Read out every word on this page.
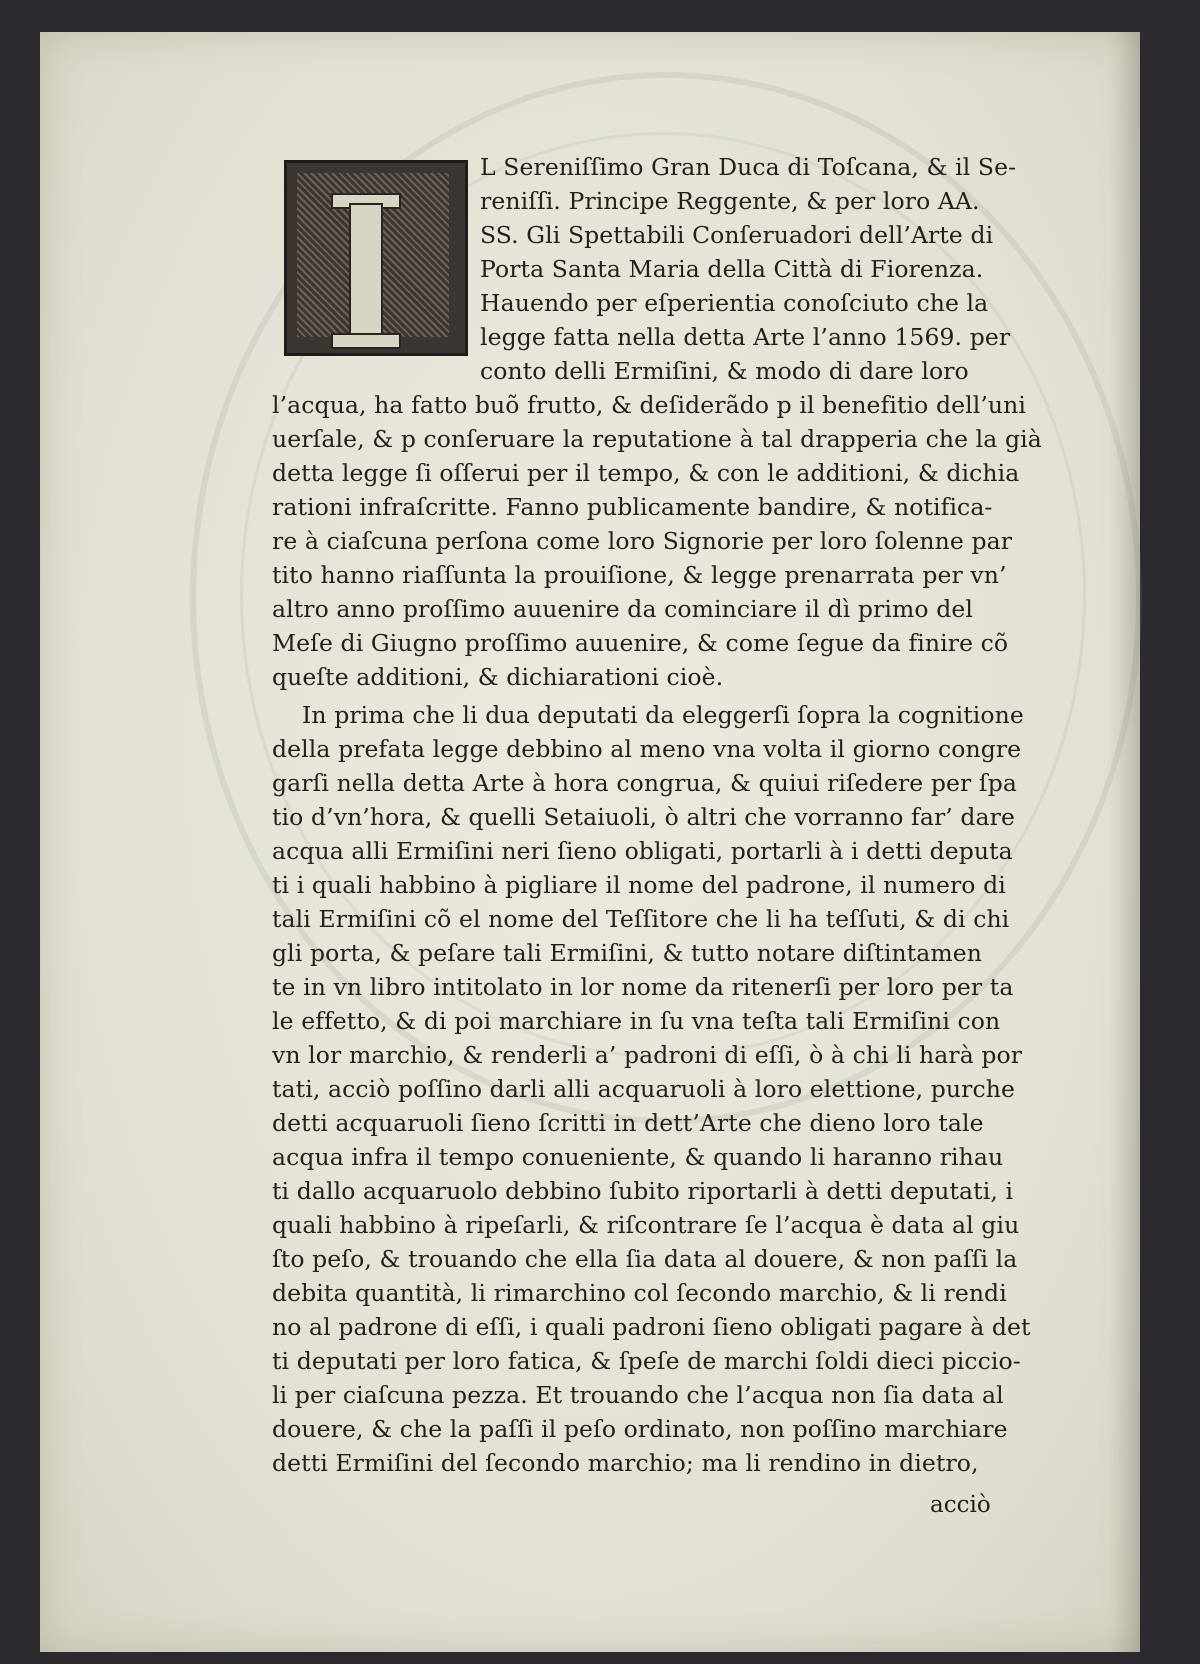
L Sereniſſimo Gran Duca di Toſcana, & il Se-
reniſſi. Principe Reggente, & per loro AA.
SS. Gli Spettabili Conſeruadori dell’Arte di
Porta Santa Maria della Città di Fiorenza.
Hauendo per eſperientia conoſciuto che la
legge fatta nella detta Arte l’anno 1569. per
conto delli Ermiſini, & modo di dare loro
l’acqua, ha fatto buõ frutto, & deſiderãdo p il benefitio dell’uni
uerſale, & p conſeruare la reputatione à tal drapperia che la già
detta legge ſi oſſerui per il tempo, & con le additioni, & dichia
rationi infraſcritte. Fanno publicamente bandire, & notifica-
re à ciaſcuna perſona come loro Signorie per loro ſolenne par
tito hanno riaſſunta la prouiſione, & legge prenarrata per vn’
altro anno proſſimo auuenire da cominciare il dì primo del
Meſe di Giugno proſſimo auuenire, & come ſegue da finire cõ
queſte additioni, & dichiarationi cioè.
In prima che li dua deputati da eleggerſi ſopra la cognitione
della prefata legge debbino al meno vna volta il giorno congre
garſi nella detta Arte à hora congrua, & quiui riſedere per ſpa
tio d’vn’hora, & quelli Setaiuoli, ò altri che vorranno far’ dare
acqua alli Ermiſini neri ſieno obligati, portarli à i detti deputa
ti i quali habbino à pigliare il nome del padrone, il numero di
tali Ermiſini cõ el nome del Teſſitore che li ha teſſuti, & di chi
gli porta, & peſare tali Ermiſini, & tutto notare diſtintamen
te in vn libro intitolato in lor nome da ritenerſi per loro per ta
le effetto, & di poi marchiare in ſu vna teſta tali Ermiſini con
vn lor marchio, & renderli a’ padroni di eſſi, ò à chi li harà por
tati, acciò poſſino darli alli acquaruoli à loro elettione, purche
detti acquaruoli ſieno ſcritti in dett’Arte che dieno loro tale
acqua infra il tempo conueniente, & quando li haranno rihau
ti dallo acquaruolo debbino ſubito riportarli à detti deputati, i
quali habbino à ripeſarli, & riſcontrare ſe l’acqua è data al giu
ſto peſo, & trouando che ella ſia data al douere, & non paſſi la
debita quantità, li rimarchino col ſecondo marchio, & li rendi
no al padrone di eſſi, i quali padroni ſieno obligati pagare à det
ti deputati per loro fatica, & ſpeſe de marchi ſoldi dieci piccio-
li per ciaſcuna pezza. Et trouando che l’acqua non ſia data al
douere, & che la paſſi il peſo ordinato, non poſſino marchiare
detti Ermiſini del ſecondo marchio; ma li rendino in dietro,
acciò
